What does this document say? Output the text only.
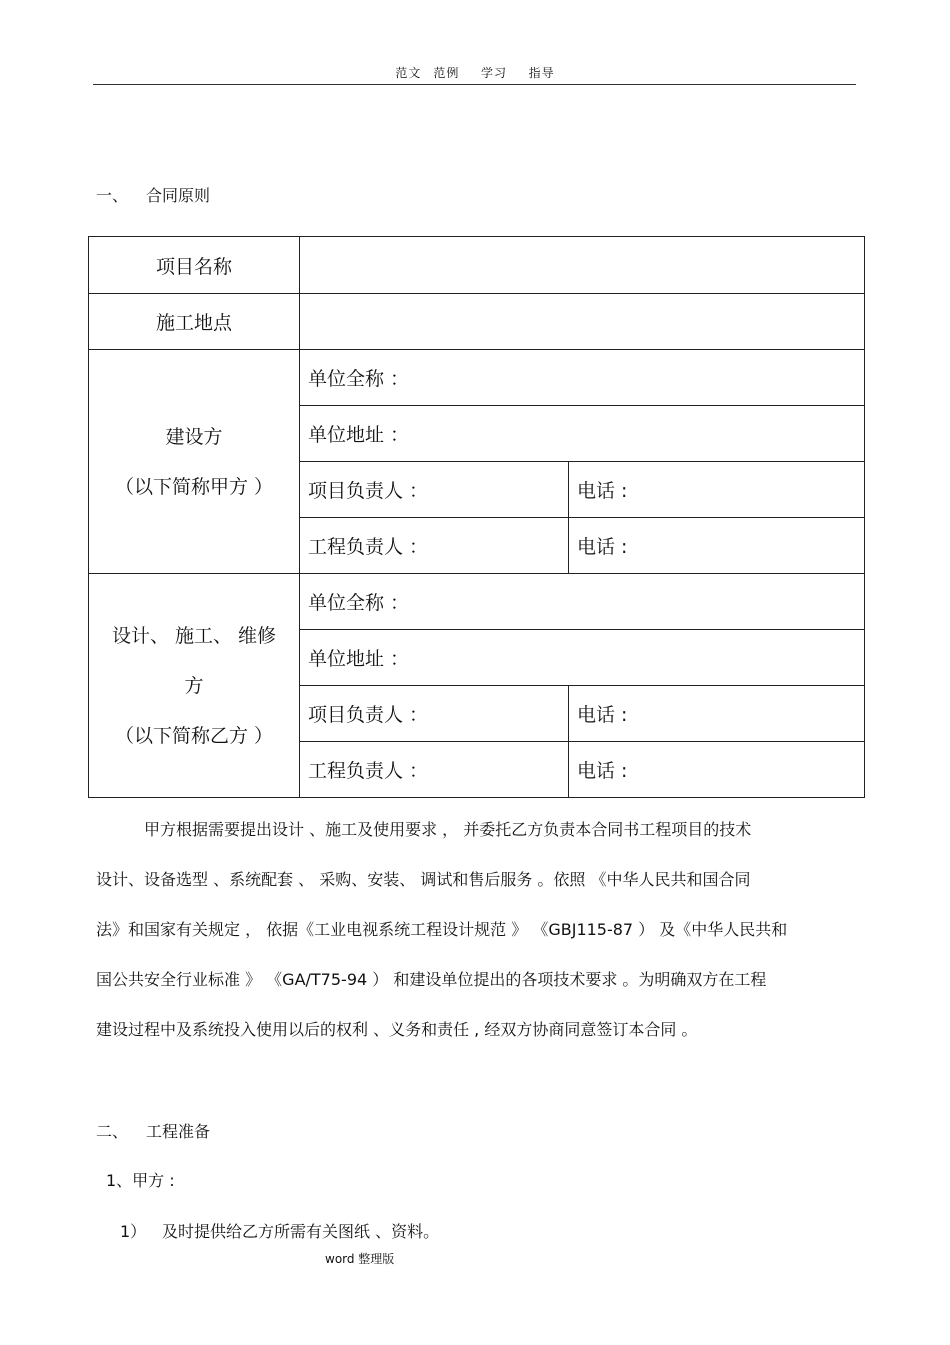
范文 范例 学习 指导
一、 合同原则
项目名称		
施工地点		

建设方
（以下简称甲方 ）	单位全称 ：	
	单位地址 ：	
	项目负责人 ：	电话 :
	工程负责人 ：	电话 :

设计、 施工、 维修
方
（以下简称乙方 ）	单位全称 ：	
	单位地址 ：	
	项目负责人 ：	电话 :
	工程负责人 ：	电话 :

甲方根据需要提出设计 、施工及使用要求 ， 并委托乙方负责本合同书工程项目的技术

设计、设备选型 、系统配套 、 采购、安装、 调试和售后服务 。依照 《中华人民共和国合同

法》和国家有关规定 ， 依据《工业电视系统工程设计规范 》 《GBJ115-87 ） 及《中华人民共和

国公共安全行业标准 》 《GA/T75-94 ） 和建设单位提出的各项技术要求 。为明确双方在工程

建设过程中及系统投入使用以后的权利 、义务和责任 , 经双方协商同意签订本合同 。

二、 工程准备
1、甲方 :
1） 及时提供给乙方所需有关图纸 、资料。
word 整理版
